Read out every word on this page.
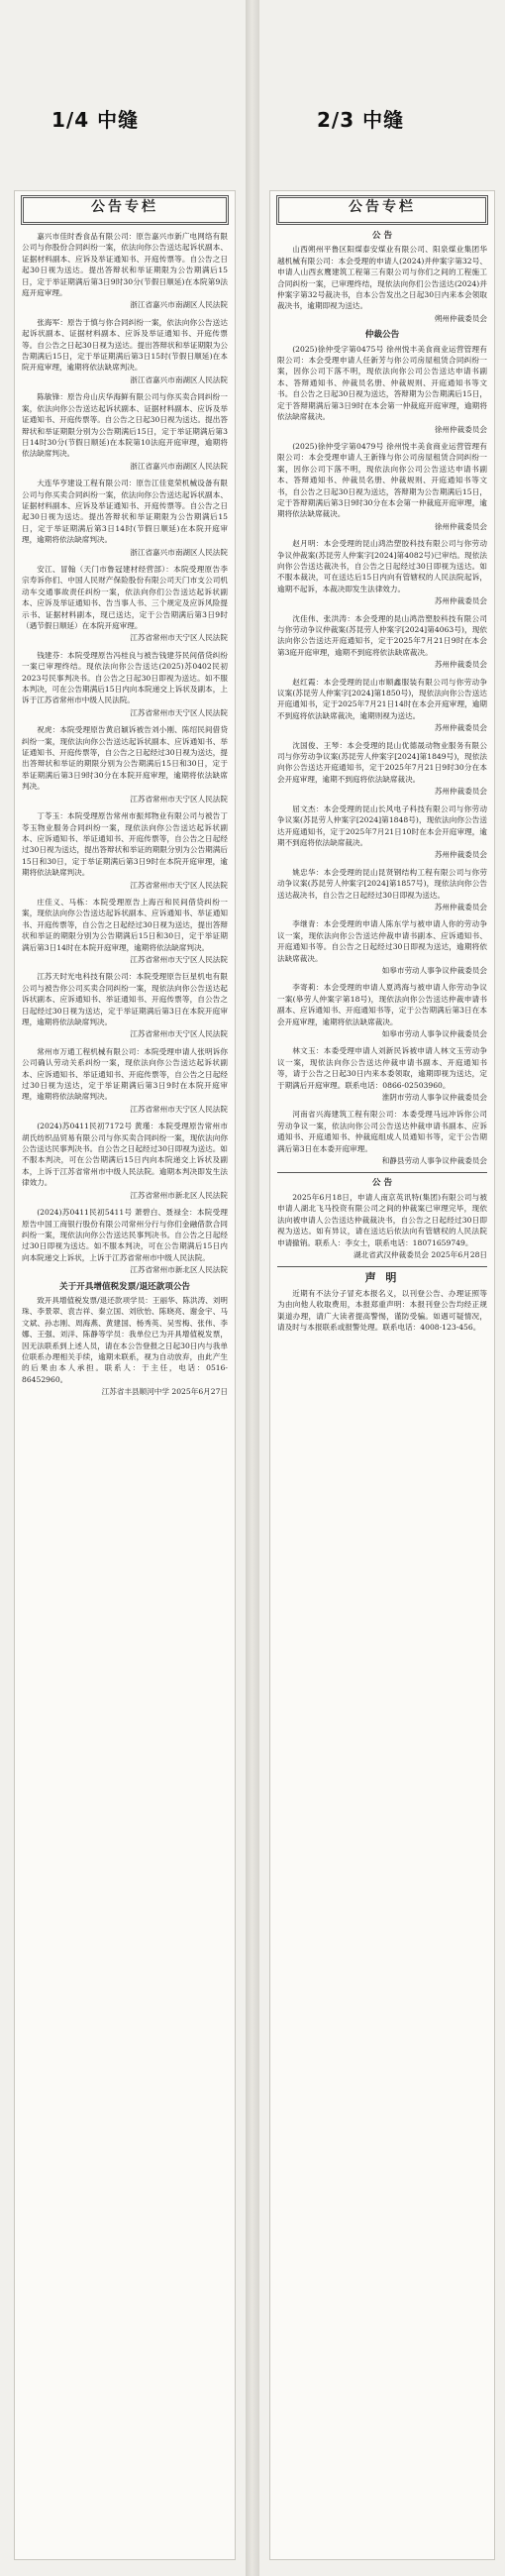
1/4 中缝
公告专栏
嘉兴市佳时香食品有限公司：原告嘉兴市新广电网络有限公司与你股份合同纠纷一案，依法向你公告送达起诉状副本、证据材料副本、应诉及举证通知书、开庭传票等。自公告之日起30日视为送达。提出答辩状和举证期限为公告期满后15日，定于举证期满后第3日9时30分(节假日顺延)在本院第9法庭开庭审理。
浙江省嘉兴市南湖区人民法院
张海军：原告于慎与你合同纠纷一案，依法向你公告送达起诉状副本、证据材料副本、应诉及举证通知书、开庭传票等。自公告之日起30日视为送达。提出答辩状和举证期限为公告期满后15日，定于举证期满后第3日15时(节假日顺延)在本院开庭审理，逾期将依法缺席判决。
浙江省嘉兴市南湖区人民法院
陈敏锋：原告舟山庆华海鲜有限公司与你买卖合同纠纷一案，依法向你公告送达起诉状副本、证据材料副本、应诉及举证通知书、开庭传票等。自公告之日起30日视为送达。提出答辩状和举证期限分别为公告期满后15日，定于举证期满后第3日14时30分(节假日顺延)在本院第10法庭开庭审理，逾期将依法缺席判决。
浙江省嘉兴市南湖区人民法院
大连华亨建设工程有限公司：原告江佳竟荣机械设备有限公司与你买卖合同纠纷一案，依法向你公告送达起诉状副本、证据材料副本、应诉及举证通知书、开庭传票等。自公告之日起30日视为送达。提出答辩状和举证期限为公告期满后15日，定于举证期满后第3日14时(节假日顺延)在本院开庭审理，逾期将依法缺席判决。
浙江省嘉兴市南湖区人民法院
安江、冒翰（天门市鲁冠建材经营部）：本院受理原告李宗寿诉你们、中国人民财产保险股份有限公司天门市支公司机动车交通事故责任纠纷一案，依法向你们公告送达起诉状副本、应诉及举证通知书、告当事人书、三个规定及应诉风险提示书、证据材料副本，现已送达，定于公告期满后第3日9时（遇节假日顺延）在本院开庭审理。
江苏省常州市天宁区人民法院
钱建芬：本院受理原告冯桂良与被告钱建芬民间借贷纠纷一案已审理终结。现依法向你公告送达(2025)苏0402民初2023号民事判决书。自公告之日起30日即视为送达。如不服本判决，可在公告期满后15日内向本院递交上诉状及副本，上诉于江苏省常州市中级人民法院。
江苏省常州市天宁区人民法院
祝虎：本院受理原告黄启颖诉被告刘小刚、陈绍民间借贷纠纷一案，现依法向你公告送达起诉状副本、应诉通知书、举证通知书、开庭传票等，自公告之日起经过30日视为送达，提出答辩状和举证的期限分别为公告期满后15日和30日，定于举证期满后第3日9时30分在本院开庭审理，逾期将依法缺席判决。
江苏省常州市天宁区人民法院
丁苓玉：本院受理原告常州市振邦物业有限公司与被告丁苓玉物业服务合同纠纷一案，现依法向你公告送达起诉状副本、应诉通知书、举证通知书、开庭传票等，自公告之日起经过30日视为送达，提出答辩状和举证的期限分别为公告期满后15日和30日，定于举证期满后第3日9时在本院开庭审理，逾期将依法缺席判决。
江苏省常州市天宁区人民法院
庄佳义、马栋：本院受理原告上海百和民间借贷纠纷一案，现依法向你公告送达起诉状副本、应诉通知书、举证通知书、开庭传票等，自公告之日起经过30日视为送达，提出答辩状和举证的期限分别为公告期满后15日和30日，定于举证期满后第3日14时在本院开庭审理，逾期将依法缺席判决。
江苏省常州市天宁区人民法院
江苏天时光电科技有限公司：本院受理原告巨星机电有限公司与被告你公司买卖合同纠纷一案，现依法向你公告送达起诉状副本、应诉通知书、举证通知书、开庭传票等，自公告之日起经过30日视为送达，定于举证期满后第3日在本院开庭审理，逾期将依法缺席判决。
江苏省常州市天宁区人民法院
常州市万通工程机械有限公司：本院受理申请人张明诉你公司确认劳动关系纠纷一案，现依法向你公告送达起诉状副本、应诉通知书、举证通知书、开庭传票等，自公告之日起经过30日视为送达，定于举证期满后第3日9时在本院开庭审理，逾期将依法缺席判决。
江苏省常州市天宁区人民法院
(2024)苏0411民初7172号 黄瑾：本院受理原告常州市胡氏纺织品贸易有限公司与你买卖合同纠纷一案，现依法向你公告送达民事判决书。自公告之日起经过30日即视为送达。如不服本判决，可在公告期满后15日内向本院递交上诉状及副本，上诉于江苏省常州市中级人民法院。逾期本判决即发生法律效力。
江苏省常州市新北区人民法院
(2024)苏0411民初5411号 萧碧白、聂禄全：本院受理原告中国工商银行股份有限公司常州分行与你们金融借款合同纠纷一案，现依法向你公告送达民事判决书。自公告之日起经过30日即视为送达。如不服本判决，可在公告期满后15日内向本院递交上诉状，上诉于江苏省常州市中级人民法院。
江苏省常州市新北区人民法院
关于开具增值税发票/退还款项公告
致开具增值税发票/退还款项学员：王丽华、陈洪涛、刘明珠、李景翠、袁吉祥、秦立国、刘欣怡、陈晓亮、谢金宇、马文斌、孙志刚、周海燕、黄建国、杨秀英、吴雪梅、张伟、李娜、王强、刘洋、陈静等学员：我单位已为开具增值税发票，因无法联系到上述人员，请在本公告登报之日起30日内与我单位联系办理相关手续，逾期未联系，视为自动放弃，由此产生的后果由本人承担。联系人：于主任，电话：0516-86452960。
江苏省丰县顺河中学 2025年6月27日
2/3 中缝
公告专栏
公 告
山西朔州平鲁区阳煤泰安煤业有限公司、阳泉煤业集团华越机械有限公司：本会受理的申请人(2024)并仲案字第32号、申请人山西玄鹰建筑工程第三有限公司与你们之间的工程施工合同纠纷一案，已审理终结，现依法向你们公告送达(2024)并仲案字第32号裁决书，自本公告发出之日起30日内来本会领取裁决书，逾期即视为送达。
朔州仲裁委员会
仲裁公告
(2025)徐仲受字第0475号 徐州悦丰美食商业运营管理有限公司：本会受理申请人任新芳与你公司房屋租赁合同纠纷一案，因你公司下落不明，现依法向你公司公告送达申请书副本、答辩通知书、仲裁员名册、仲裁规则、开庭通知书等文书。自公告之日起30日视为送达，答辩期为公告期满后15日，定于答辩期满后第3日9时在本会第一仲裁庭开庭审理，逾期将依法缺席裁决。
徐州仲裁委员会
(2025)徐仲受字第0479号 徐州悦丰美食商业运营管理有限公司：本会受理申请人王新锋与你公司房屋租赁合同纠纷一案，因你公司下落不明，现依法向你公司公告送达申请书副本、答辩通知书、仲裁员名册、仲裁规则、开庭通知书等文书，自公告之日起30日视为送达，答辩期为公告期满后15日，定于答辩期满后第3日9时30分在本会第一仲裁庭开庭审理，逾期将依法缺席裁决。
徐州仲裁委员会
赵月明：本会受理的昆山鸿浩塑胶科技有限公司与你劳动争议仲裁案(苏昆劳人仲案字[2024]第4082号)已审结。现依法向你公告送达裁决书，自公告之日起经过30日即视为送达。如不服本裁决，可在送达后15日内向有管辖权的人民法院起诉，逾期不起诉，本裁决即发生法律效力。
苏州仲裁委员会
沈佳伟、张洪涛：本会受理的昆山鸿浩塑胶科技有限公司与你劳动争议仲裁案(苏昆劳人仲案字[2024]第4063号)，现依法向你公告送达开庭通知书，定于2025年7月21日9时在本会第3庭开庭审理，逾期不到庭将依法缺席裁决。
苏州仲裁委员会
赵红霞：本会受理的昆山市顺鑫服装有限公司与你劳动争议案(苏昆劳人仲案字[2024]第1850号)，现依法向你公告送达开庭通知书，定于2025年7月21日14时在本会开庭审理，逾期不到庭将依法缺席裁决，逾期则视为送达。
苏州仲裁委员会
沈国俊、王琴：本会受理的昆山优德晟动物业服务有限公司与你劳动争议案(苏昆劳人仲案字[2024]第1849号)，现依法向你公告送达开庭通知书，定于2025年7月21日9时30分在本会开庭审理，逾期不到庭将依法缺席裁决。
苏州仲裁委员会
屈文杰：本会受理的昆山长风电子科技有限公司与你劳动争议案(苏昆劳人仲案字[2024]第1848号)，现依法向你公告送达开庭通知书，定于2025年7月21日10时在本会开庭审理，逾期不到庭将依法缺席裁决。
苏州仲裁委员会
姚忠华：本会受理的昆山昆贤钢结构工程有限公司与你劳动争议案(苏昆劳人仲案字[2024]第1857号)，现依法向你公告送达裁决书，自公告之日起经过30日即视为送达。
苏州仲裁委员会
李继青：本会受理的申请人陈东学与被申请人你的劳动争议一案，现依法向你公告送达仲裁申请书副本、应诉通知书、开庭通知书等。自公告之日起经过30日即视为送达，逾期将依法缺席裁决。
如皋市劳动人事争议仲裁委员会
李寄莉：本会受理的申请人夏鸿海与被申请人你劳动争议一案(皋劳人仲案字第18号)，现依法向你公告送达仲裁申请书副本、应诉通知书、开庭通知书等，定于公告期满后第3日在本会开庭审理，逾期将依法缺席裁决。
如皋市劳动人事争议仲裁委员会
林文玉：本委受理申请人刘新民诉被申请人林文玉劳动争议一案，现依法向你公告送达仲裁申请书副本、开庭通知书等，请于公告之日起30日内来本委领取，逾期即视为送达，定于期满后开庭审理。联系电话：0866-02503960。
淮阴市劳动人事争议仲裁委员会
河南省兴海建筑工程有限公司：本委受理马远冲诉你公司劳动争议一案，依法向你公司公告送达仲裁申请书副本、应诉通知书、开庭通知书、仲裁庭组成人员通知书等，定于公告期满后第3日在本委开庭审理。
和静县劳动人事争议仲裁委员会
公 告
2025年6月18日，申请人南京英讯特(集团)有限公司与被申请人湖北飞马投资有限公司之间的仲裁案已审理完毕，现依法向被申请人公告送达仲裁裁决书，自公告之日起经过30日即视为送达。如有异议，请在送达后依法向有管辖权的人民法院申请撤销。联系人：李女士，联系电话：18071659749。
湖北省武汉仲裁委员会 2025年6月28日
声 明
近期有不法分子冒充本报名义，以刊登公告、办理证照等为由向他人收取费用，本报郑重声明：本报刊登公告均经正规渠道办理，请广大读者提高警惕，谨防受骗。如遇可疑情况，请及时与本报联系或报警处理。联系电话：4008-123-456。
